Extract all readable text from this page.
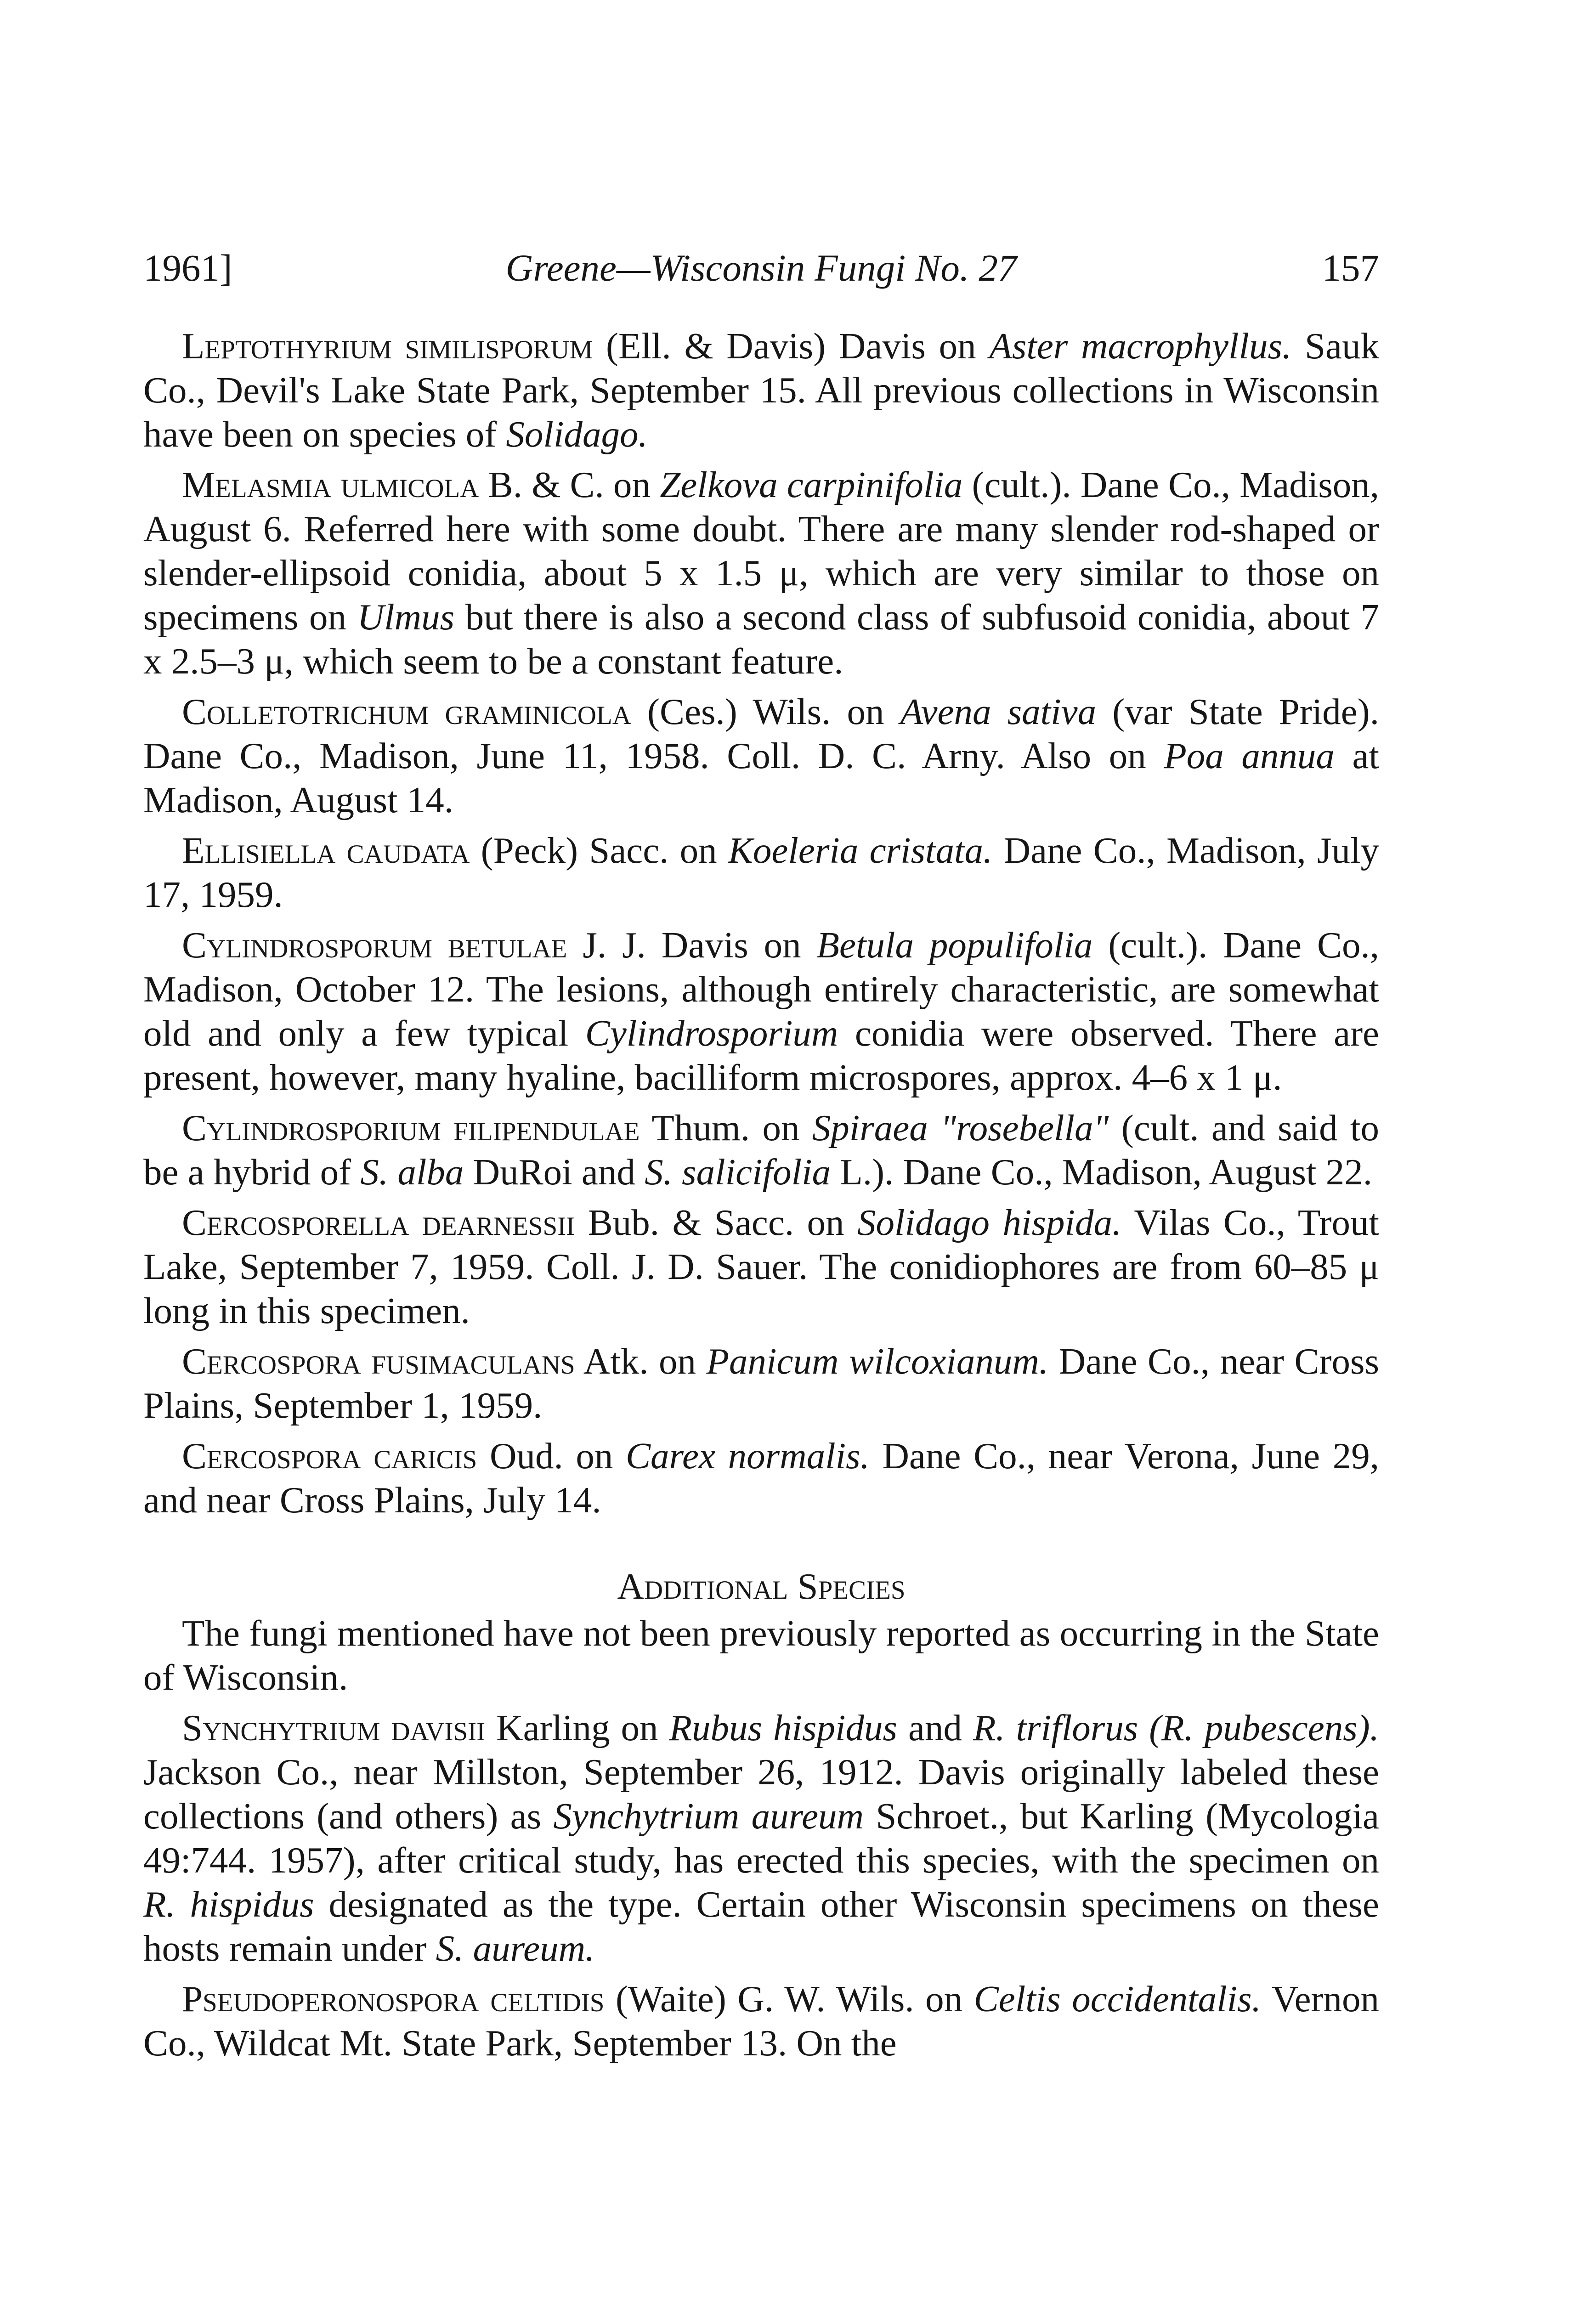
1961]	Greene—Wisconsin Fungi No. 27	157

Leptothyrium similisporum (Ell. & Davis) Davis on Aster macrophyllus. Sauk Co., Devil's Lake State Park, September 15. All previous collections in Wisconsin have been on species of Solidago.

Melasmia ulmicola B. & C. on Zelkova carpinifolia (cult.). Dane Co., Madison, August 6. Referred here with some doubt. There are many slender rod-shaped or slender-ellipsoid conidia, about 5 x 1.5 μ, which are very similar to those on specimens on Ulmus but there is also a second class of subfusoid conidia, about 7 x 2.5–3 μ, which seem to be a constant feature.

Colletotrichum graminicola (Ces.) Wils. on Avena sativa (var State Pride). Dane Co., Madison, June 11, 1958. Coll. D. C. Arny. Also on Poa annua at Madison, August 14.

Ellisiella caudata (Peck) Sacc. on Koeleria cristata. Dane Co., Madison, July 17, 1959.

Cylindrosporum betulae J. J. Davis on Betula populifolia (cult.). Dane Co., Madison, October 12. The lesions, although entirely characteristic, are somewhat old and only a few typical Cylindrosporium conidia were observed. There are present, however, many hyaline, bacilliform microspores, approx. 4–6 x 1 μ.

Cylindrosporium filipendulae Thum. on Spiraea "rosebella" (cult. and said to be a hybrid of S. alba DuRoi and S. salicifolia L.). Dane Co., Madison, August 22.

Cercosporella dearnessii Bub. & Sacc. on Solidago hispida. Vilas Co., Trout Lake, September 7, 1959. Coll. J. D. Sauer. The conidiophores are from 60–85 μ long in this specimen.

Cercospora fusimaculans Atk. on Panicum wilcoxianum. Dane Co., near Cross Plains, September 1, 1959.

Cercospora caricis Oud. on Carex normalis. Dane Co., near Verona, June 29, and near Cross Plains, July 14.

Additional Species

The fungi mentioned have not been previously reported as occurring in the State of Wisconsin.

Synchytrium davisii Karling on Rubus hispidus and R. triflorus (R. pubescens). Jackson Co., near Millston, September 26, 1912. Davis originally labeled these collections (and others) as Synchytrium aureum Schroet., but Karling (Mycologia 49:744. 1957), after critical study, has erected this species, with the specimen on R. hispidus designated as the type. Certain other Wisconsin specimens on these hosts remain under S. aureum.

Pseudoperonospora celtidis (Waite) G. W. Wils. on Celtis occidentalis. Vernon Co., Wildcat Mt. State Park, September 13. On the
